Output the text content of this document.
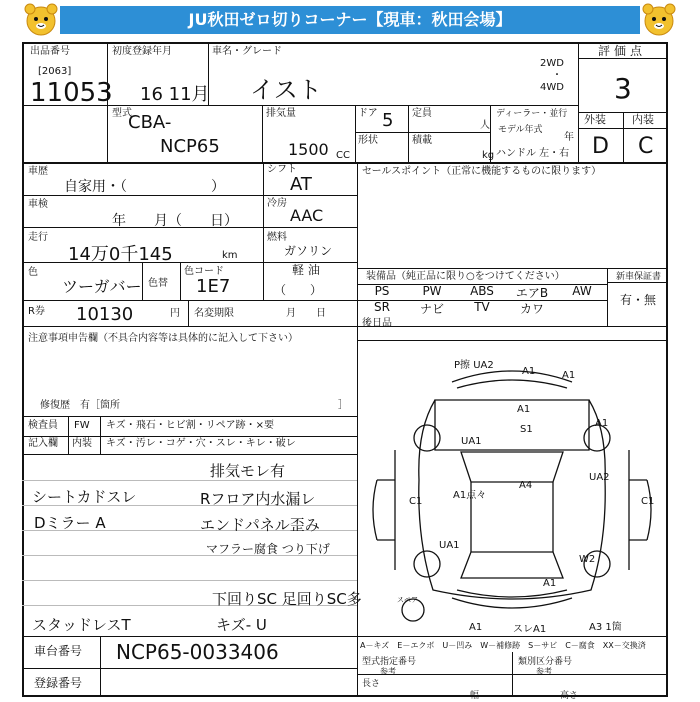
JU秋田ゼロ切りコーナー【現車：秋田会場】
出品番号
[2063]
11053
初度登録年月
16 11月
車名・グレード
イスト
型式
CBA-
NCP65
排気量
1500 CC
ドア 5
形状
定員
人
積載
kg
ディーラー・並行
モデル年式
年
ハンドル 左・右
2WD
・
4WD
評価点
3
外装 内装
D C
車歴
自家用・（　　　　　　）
車検
年　　月（　　日）
走行
14万0千145	km
色
ツーガバー 色替
色コード
1E7
シフト
AT
冷房
AAC
燃料
ガソリン
軽 油
（　　）
R券 10130	円 名変期限	月　　日
セールスポイント（正常に機能するものに限ります）
装備品（純正品に限り○をつけてください）
PS	PW	ABS	エアB	AW
SR	ナビ	TV	カワ
新車保証書
有・無
後日品
注意事項申告欄（不具合内容等は具体的に記入して下さい）
修復歴　有［箇所	］
検査員
記入欄
FW キズ・飛石・ヒビ割・リペア跡・×要
内装 キズ・汚レ・コゲ・穴・スレ・キレ・破レ
排気モレ有
シートカドスレ	Rフロア内水漏レ
Dミラー A	エンドパネル歪み
マフラー腐食 つり下げ
下回りSC 足回りSC多
スタッドレスT	キズ- U
車台番号 NCP65-0033406
登録番号
型式指定番号
参考
類別区分番号
参考
長さ
幅	高さ
P擦 UA2
A1	A1
A1
S1
A1
UA1
UA2
A4
A1点々
C1	C1
UA1
W2
A1
A1	スレA1	A3 1箇
スペア
A－キズ　E－エクボ　U－凹み　W－補修跡　S－サビ　C－腐食　XX－交換済
